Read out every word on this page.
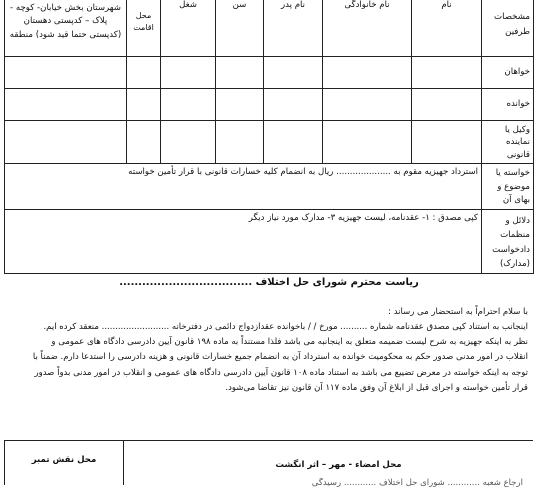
مشخصات طرفین	نام	نام خانوادگی	نام پدر	سن	شغل	محل اقامت	شهرستان بخش خیابان- کوچه - پلاک – کدپستی دهستان (کدپستی حتما قید شود) منطقه
خواهان							
خوانده							
وکیل یا نماینده قانونی							
خواسته یا موضوع و بهای آن	استرداد جهیزیه مقوم به .................... ریال به انضمام کلیه خسارات قانونی با قرار تأمین خواسته						
دلائل و منظمات دادخواست (مدارک)	کپی مصدق : ۱- عقدنامه، لیست جهیزیه ۳- مدارک مورد نیاز دیگر						
ریاست محترم شورای حل اختلاف ...................................
با سلام احترام‌اً به استحضار می رساند :
اینجانب به استناد کپی مصدق عقدنامه شماره .......... مورخ / / باخوانده عقدازدواج دائمی در دفترخانه ......................... منعقد کرده ایم.
نظر به اینکه جهیزیه به شرح لیست ضمیمه متعلق به اینجانبه می باشد فلذا مستنداً به ماده ۱۹۸ قانون آیین دادرسی دادگاه های عمومی و
انقلاب در امور مدنی صدور حکم به محکومیت خوانده به استرداد آن به انضمام جمیع خسارات قانونی و هزینه دادرسی را استدعا دارم. ضمناً با
توجه به اینکه خواسته در معرض تضییع می باشد به استناد ماده ۱۰۸ قانون آیین دادرسی دادگاه های عمومی و انقلاب در امور مدنی بدواً صدور
قرار تأمین خواسته و اجرای قبل از ابلاغ آن وفق ماده ۱۱۷ آن قانون نیز تقاضا می‌شود.
محل نقش تمبر	محل امضاء - مهر – اثر انگشت
ارجاع شعبه ............ شورای حل اختلاف ............ رسیدگی
